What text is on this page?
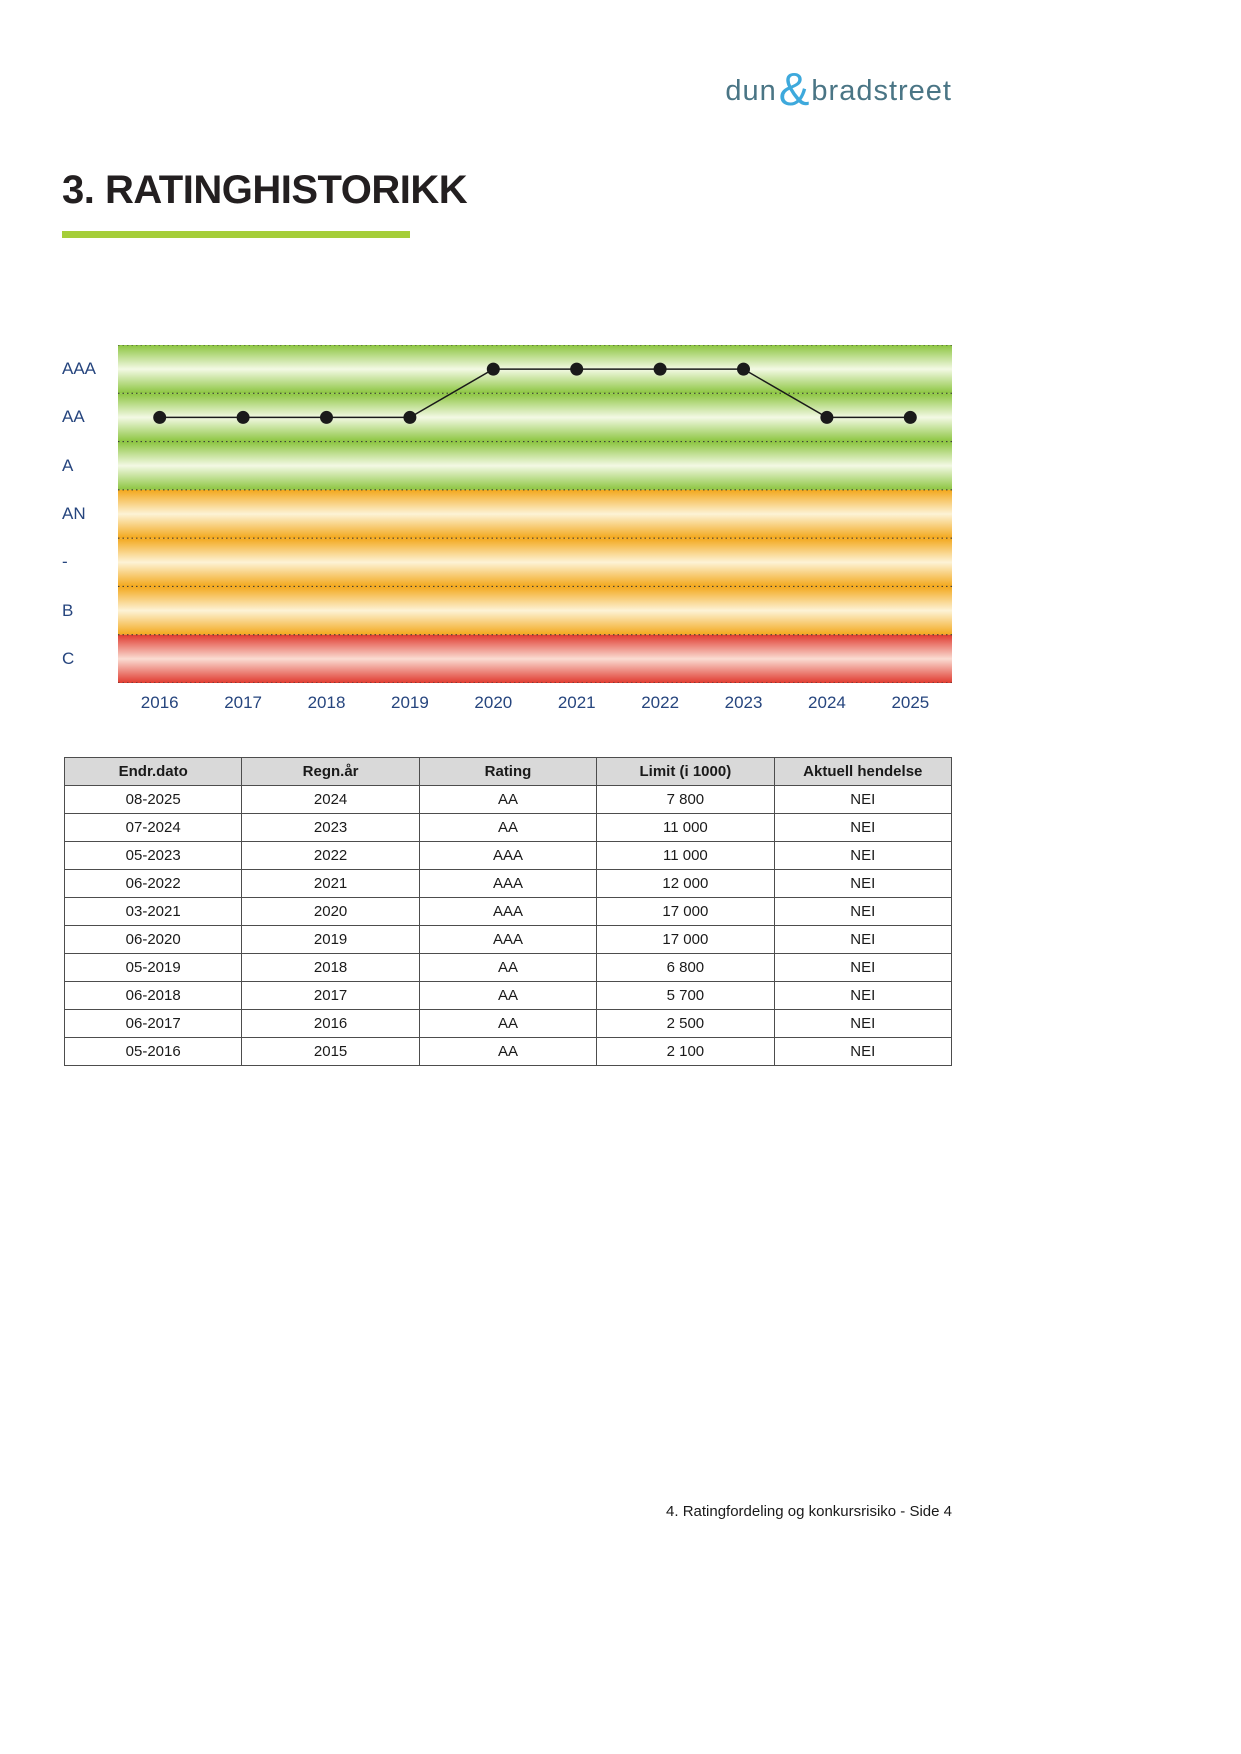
dun & bradstreet
3. RATINGHISTORIKK
AAA
AA
A
AN
-
B
C
2016	2017	2018	2019	2020	2021	2022	2023	2024	2025
Endr.dato	Regn.år	Rating	Limit (i 1000)	Aktuell hendelse
08-2025	2024	AA	7 800	NEI
07-2024	2023	AA	11 000	NEI
05-2023	2022	AAA	11 000	NEI
06-2022	2021	AAA	12 000	NEI
03-2021	2020	AAA	17 000	NEI
06-2020	2019	AAA	17 000	NEI
05-2019	2018	AA	6 800	NEI
06-2018	2017	AA	5 700	NEI
06-2017	2016	AA	2 500	NEI
05-2016	2015	AA	2 100	NEI
4. Ratingfordeling og konkursrisiko - Side 4
